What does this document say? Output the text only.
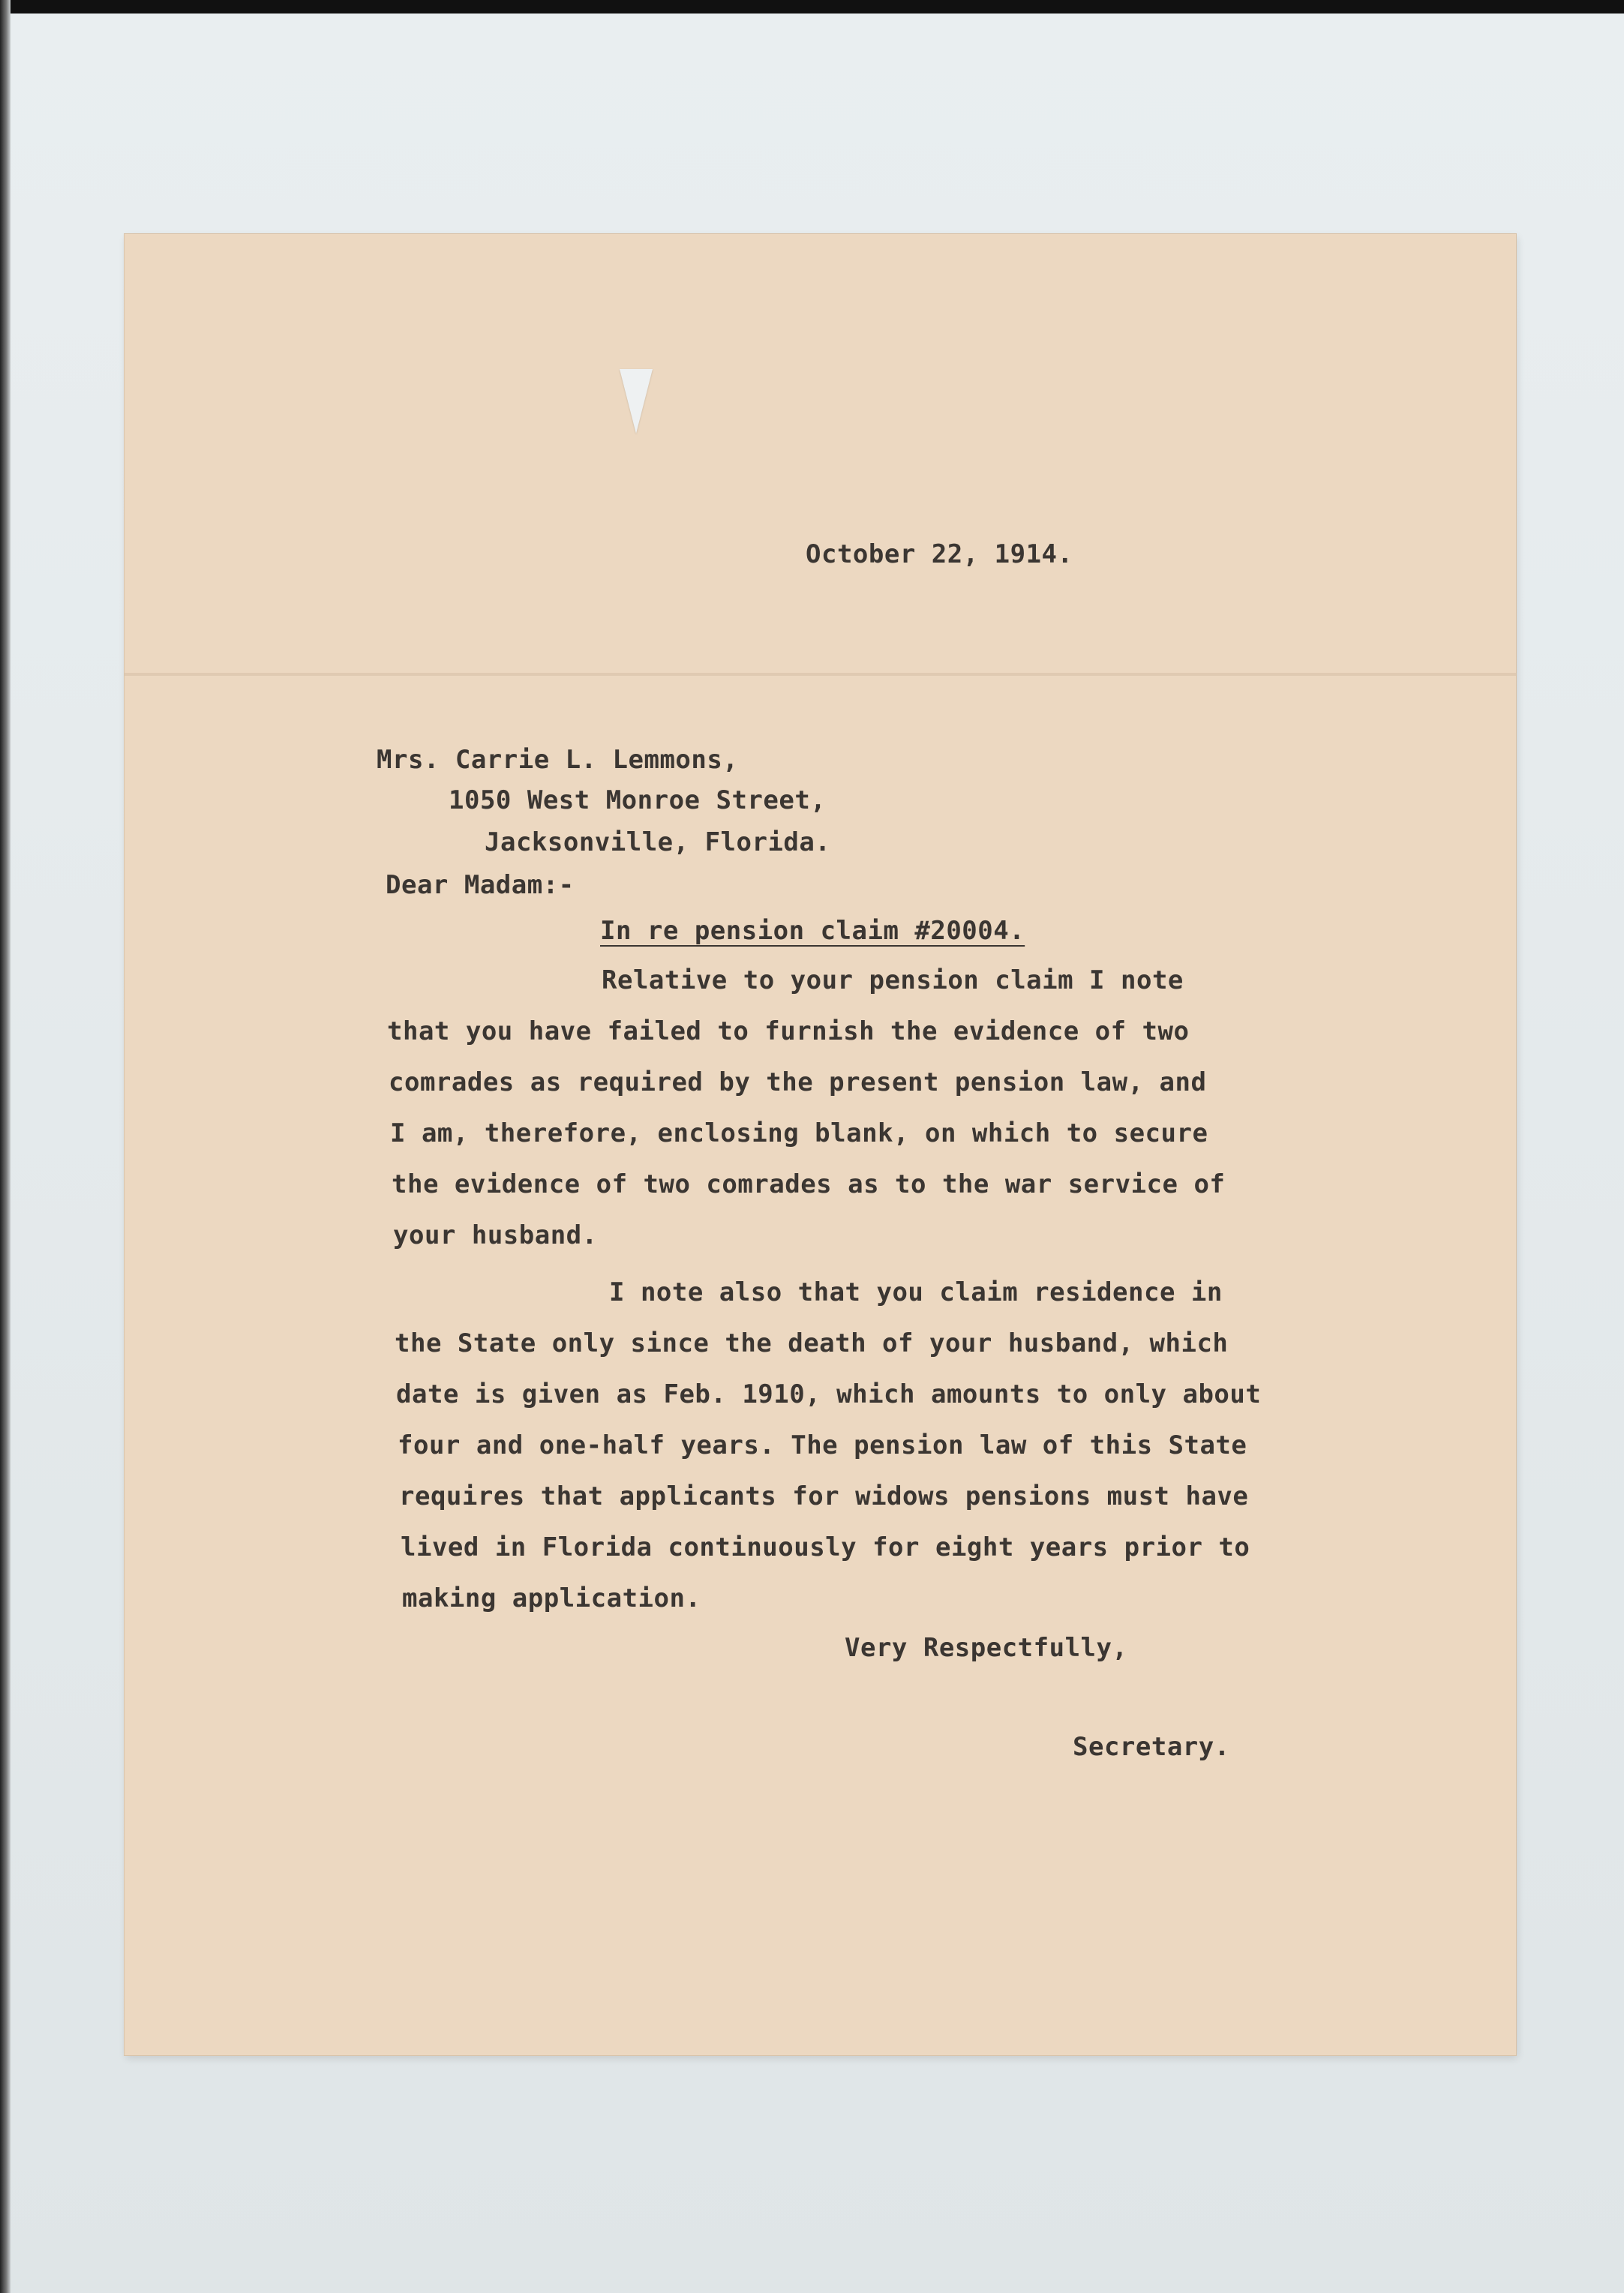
October 22, 1914.
Mrs. Carrie L. Lemmons,
1050 West Monroe Street,
Jacksonville, Florida.
Dear Madam:-
In re pension claim #20004.
Relative to your pension claim I note
that you have failed to furnish the evidence of two
comrades as required by the present pension law, and
I am, therefore, enclosing blank, on which to secure
the evidence of two comrades as to the war service of
your husband.
I note also that you claim residence in
the State only since the death of your husband, which
date is given as Feb. 1910, which amounts to only about
four and one-half years. The pension law of this State
requires that applicants for widows pensions must have
lived in Florida continuously for eight years prior to
making application.
Very Respectfully,
Secretary.
